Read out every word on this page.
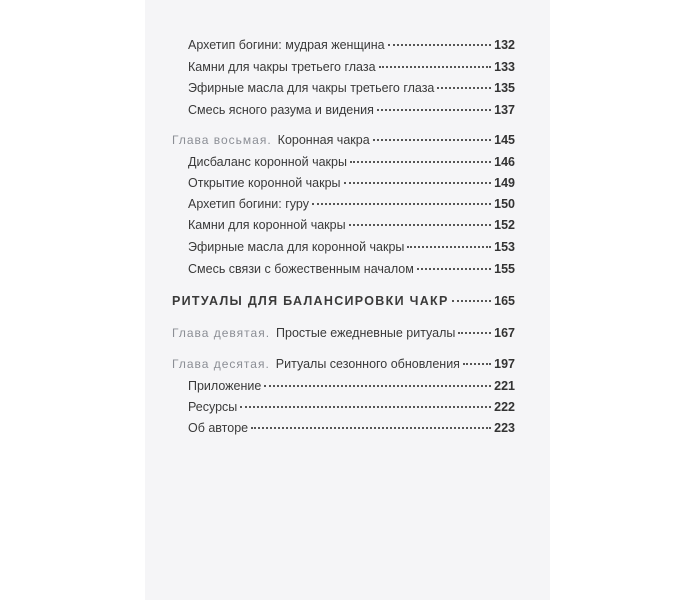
Архетип богини: мудрая женщина	132
Камни для чакры третьего глаза	133
Эфирные масла для чакры третьего глаза	135
Смесь ясного разума и видения	137
Глава восьмая. Коронная чакра	145
Дисбаланс коронной чакры	146
Открытие коронной чакры	149
Архетип богини: гуру	150
Камни для коронной чакры	152
Эфирные масла для коронной чакры	153
Смесь связи с божественным началом	155
РИТУАЛЫ ДЛЯ БАЛАНСИРОВКИ ЧАКР	165
Глава девятая. Простые ежедневные ритуалы	167
Глава десятая. Ритуалы сезонного обновления	197
Приложение	221
Ресурсы	222
Об авторе	223
